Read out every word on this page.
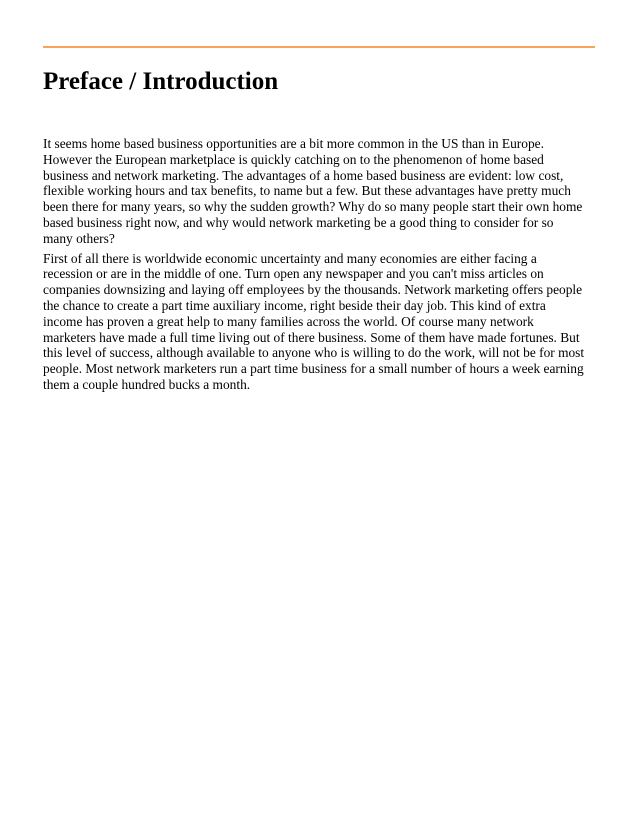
Preface / Introduction

It seems home based business opportunities are a bit more common in the US than in Europe.
However the European marketplace is quickly catching on to the phenomenon of home based
business and network marketing. The advantages of a home based business are evident: low cost,
flexible working hours and tax benefits, to name but a few. But these advantages have pretty much
been there for many years, so why the sudden growth? Why do so many people start their own home
based business right now, and why would network marketing be a good thing to consider for so
many others?

First of all there is worldwide economic uncertainty and many economies are either facing a
recession or are in the middle of one. Turn open any newspaper and you can't miss articles on
companies downsizing and laying off employees by the thousands. Network marketing offers people
the chance to create a part time auxiliary income, right beside their day job. This kind of extra
income has proven a great help to many families across the world. Of course many network
marketers have made a full time living out of there business. Some of them have made fortunes. But
this level of success, although available to anyone who is willing to do the work, will not be for most
people. Most network marketers run a part time business for a small number of hours a week earning
them a couple hundred bucks a month.
